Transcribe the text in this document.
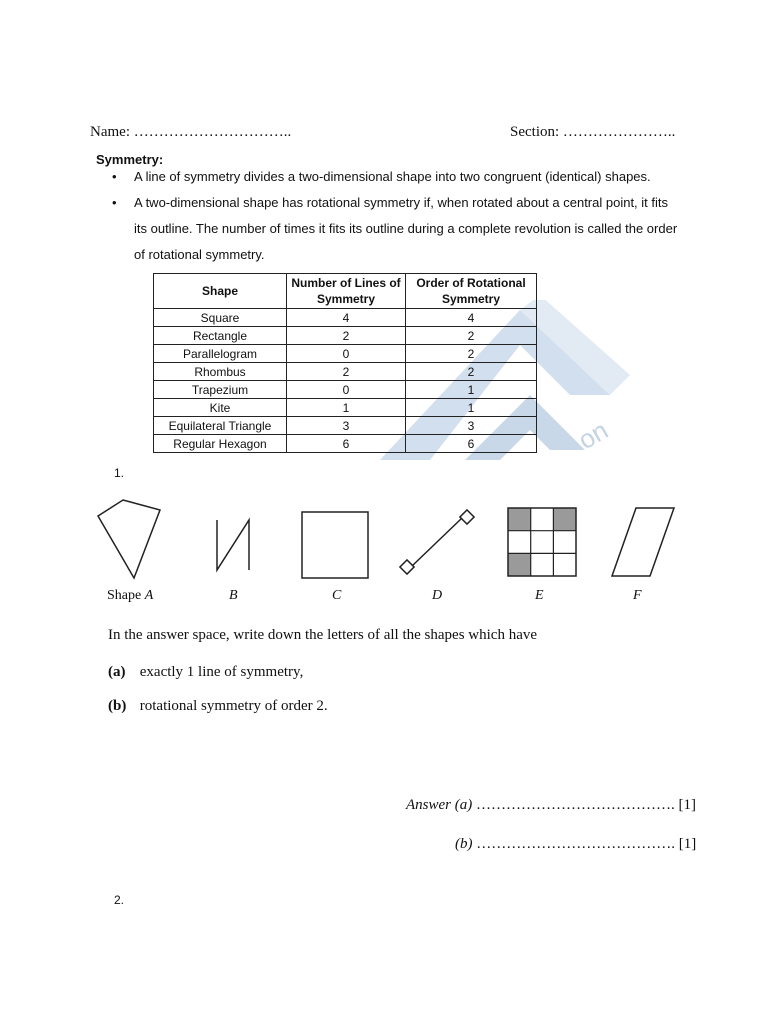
Name: …………………………..	Section: …………………..
Symmetry:
• A line of symmetry divides a two-dimensional shape into two congruent (identical) shapes.
• A two-dimensional shape has rotational symmetry if, when rotated about a central point, it fits its outline. The number of times it fits its outline during a complete revolution is called the order of rotational symmetry.
on
Shape	Number of Lines of Symmetry	Order of Rotational Symmetry
Square	4	4
Rectangle	2	2
Parallelogram	0	2
Rhombus	2	2
Trapezium	0	1
Kite	1	1
Equilateral Triangle	3	3
Regular Hexagon	6	6
1.
Shape A	B	C	D	E	F
In the answer space, write down the letters of all the shapes which have
(a) exactly 1 line of symmetry,
(b) rotational symmetry of order 2.
Answer (a) …………………………………. [1]
(b) …………………………………. [1]
2.
